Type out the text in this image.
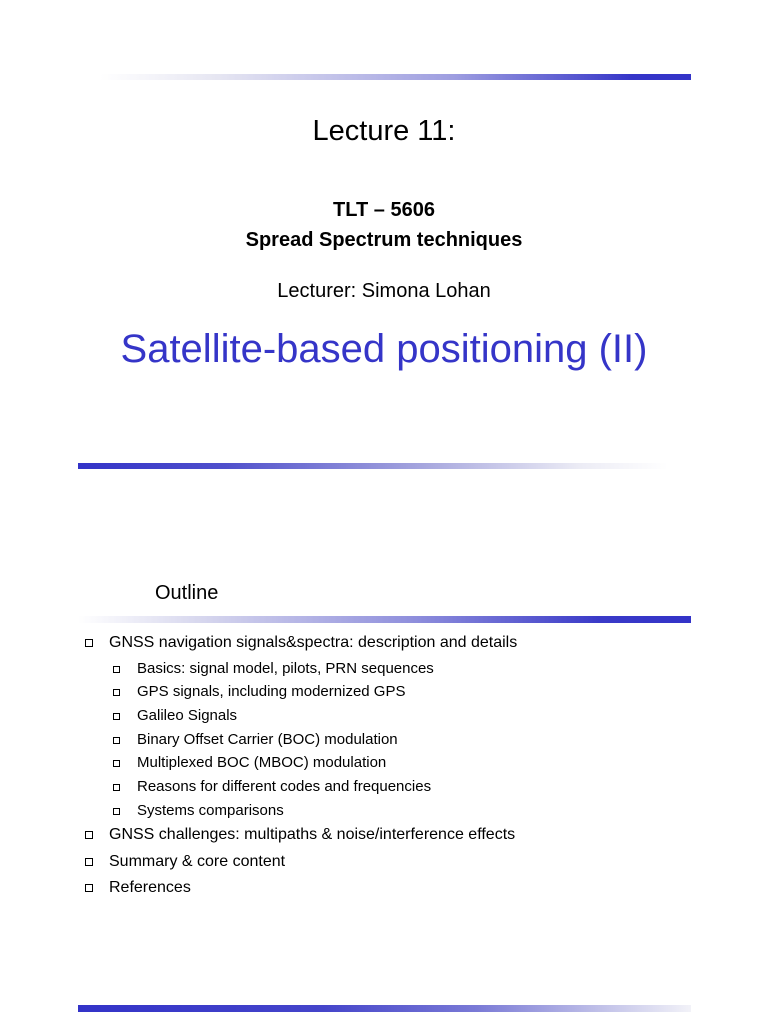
Lecture 11:
TLT – 5606
Spread Spectrum techniques
Lecturer: Simona Lohan
Satellite-based positioning (II)
Outline
GNSS navigation signals&spectra: description and details
Basics: signal model, pilots, PRN sequences
GPS signals, including modernized GPS
Galileo Signals
Binary Offset Carrier (BOC) modulation
Multiplexed BOC (MBOC) modulation
Reasons for different codes and frequencies
Systems comparisons
GNSS challenges: multipaths & noise/interference effects
Summary & core content
References
